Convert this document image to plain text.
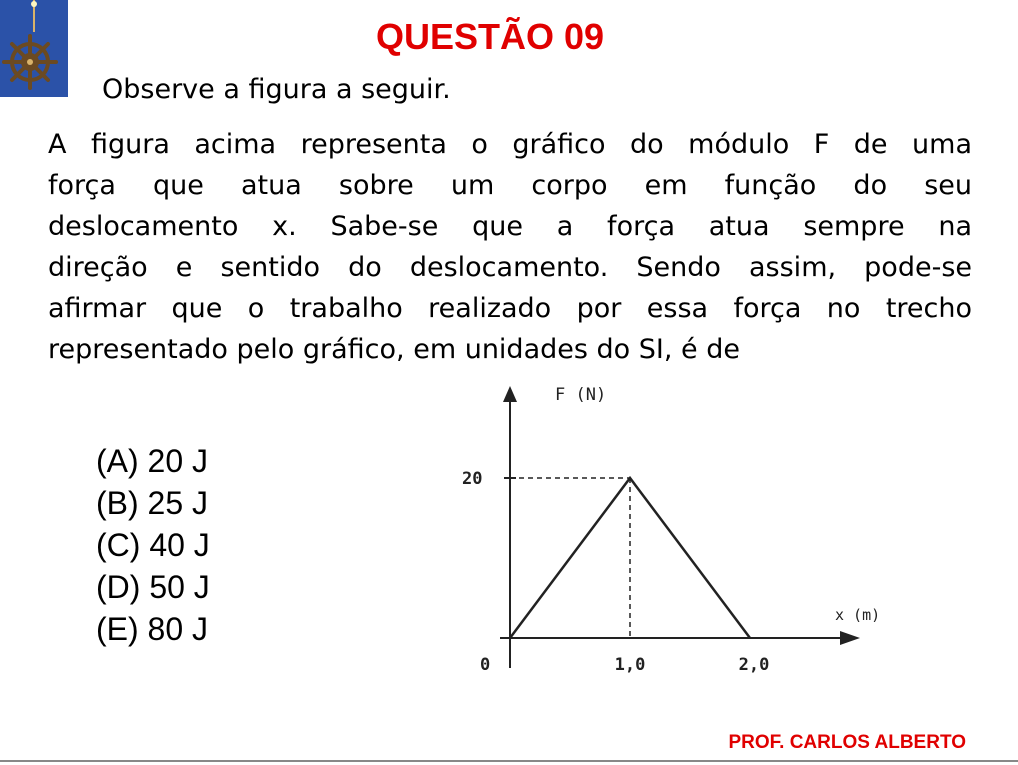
QUESTÃO 09
Observe a figura a seguir.
A figura acima representa o gráfico do módulo F de uma
força que atua sobre um corpo em função do seu
deslocamento x. Sabe-se que a força atua sempre na
direção e sentido do deslocamento. Sendo assim, pode-se
afirmar que o trabalho realizado por essa força no trecho
representado pelo gráfico, em unidades do SI, é de
(A) 20 J
(B) 25 J
(C) 40 J
(D) 50 J
(E) 80 J
F (N)
x (m)
20
0	1,0	2,0
PROF. CARLOS ALBERTO
